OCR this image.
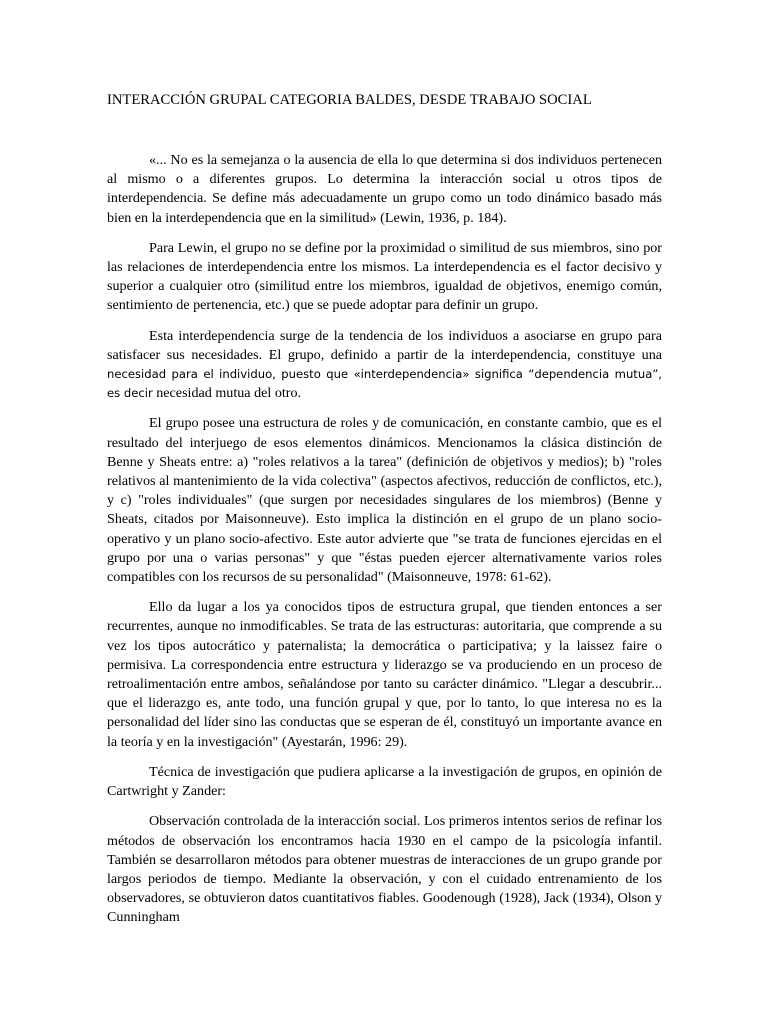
INTERACCIÓN GRUPAL CATEGORIA BALDES, DESDE TRABAJO SOCIAL

«... No es la semejanza o la ausencia de ella lo que determina si dos individuos pertenecen al mismo o a diferentes grupos. Lo determina la interacción social u otros tipos de interdependencia. Se define más adecuadamente un grupo como un todo dinámico basado más bien en la interdependencia que en la similitud» (Lewin, 1936, p. 184).

Para Lewin, el grupo no se define por la proximidad o similitud de sus miembros, sino por las relaciones de interdependencia entre los mismos. La interdependencia es el factor decisivo y superior a cualquier otro (similitud entre los miembros, igualdad de objetivos, enemigo común, sentimiento de pertenencia, etc.) que se puede adoptar para definir un grupo.

Esta interdependencia surge de la tendencia de los individuos a asociarse en grupo para satisfacer sus necesidades. El grupo, definido a partir de la interdependencia, constituye una necesidad para el individuo, puesto que «interdependencia» significa “dependencia mutua”, es decir necesidad mutua del otro.

El grupo posee una estructura de roles y de comunicación, en constante cambio, que es el resultado del interjuego de esos elementos dinámicos. Mencionamos la clásica distinción de Benne y Sheats entre: a) "roles relativos a la tarea" (definición de objetivos y medios); b) "roles relativos al mantenimiento de la vida colectiva" (aspectos afectivos, reducción de conflictos, etc.), y c) "roles individuales" (que surgen por necesidades singulares de los miembros) (Benne y Sheats, citados por Maisonneuve). Esto implica la distinción en el grupo de un plano socio-operativo y un plano socio-afectivo. Este autor advierte que "se trata de funciones ejercidas en el grupo por una o varias personas" y que "éstas pueden ejercer alternativamente varios roles compatibles con los recursos de su personalidad" (Maisonneuve, 1978: 61-62).

Ello da lugar a los ya conocidos tipos de estructura grupal, que tienden entonces a ser recurrentes, aunque no inmodificables. Se trata de las estructuras: autoritaria, que comprende a su vez los tipos autocrático y paternalista; la democrática o participativa; y la laissez faire o permisiva. La correspondencia entre estructura y liderazgo se va produciendo en un proceso de retroalimentación entre ambos, señalándose por tanto su carácter dinámico. "Llegar a descubrir... que el liderazgo es, ante todo, una función grupal y que, por lo tanto, lo que interesa no es la personalidad del líder sino las conductas que se esperan de él, constituyó un importante avance en la teoría y en la investigación" (Ayestarán, 1996: 29).

Técnica de investigación que pudiera aplicarse a la investigación de grupos, en opinión de Cartwright y Zander:

Observación controlada de la interacción social. Los primeros intentos serios de refinar los métodos de observación los encontramos hacia 1930 en el campo de la psicología infantil. También se desarrollaron métodos para obtener muestras de interacciones de un grupo grande por largos periodos de tiempo. Mediante la observación, y con el cuidado entrenamiento de los observadores, se obtuvieron datos cuantitativos fiables. Goodenough (1928), Jack (1934), Olson y Cunningham
